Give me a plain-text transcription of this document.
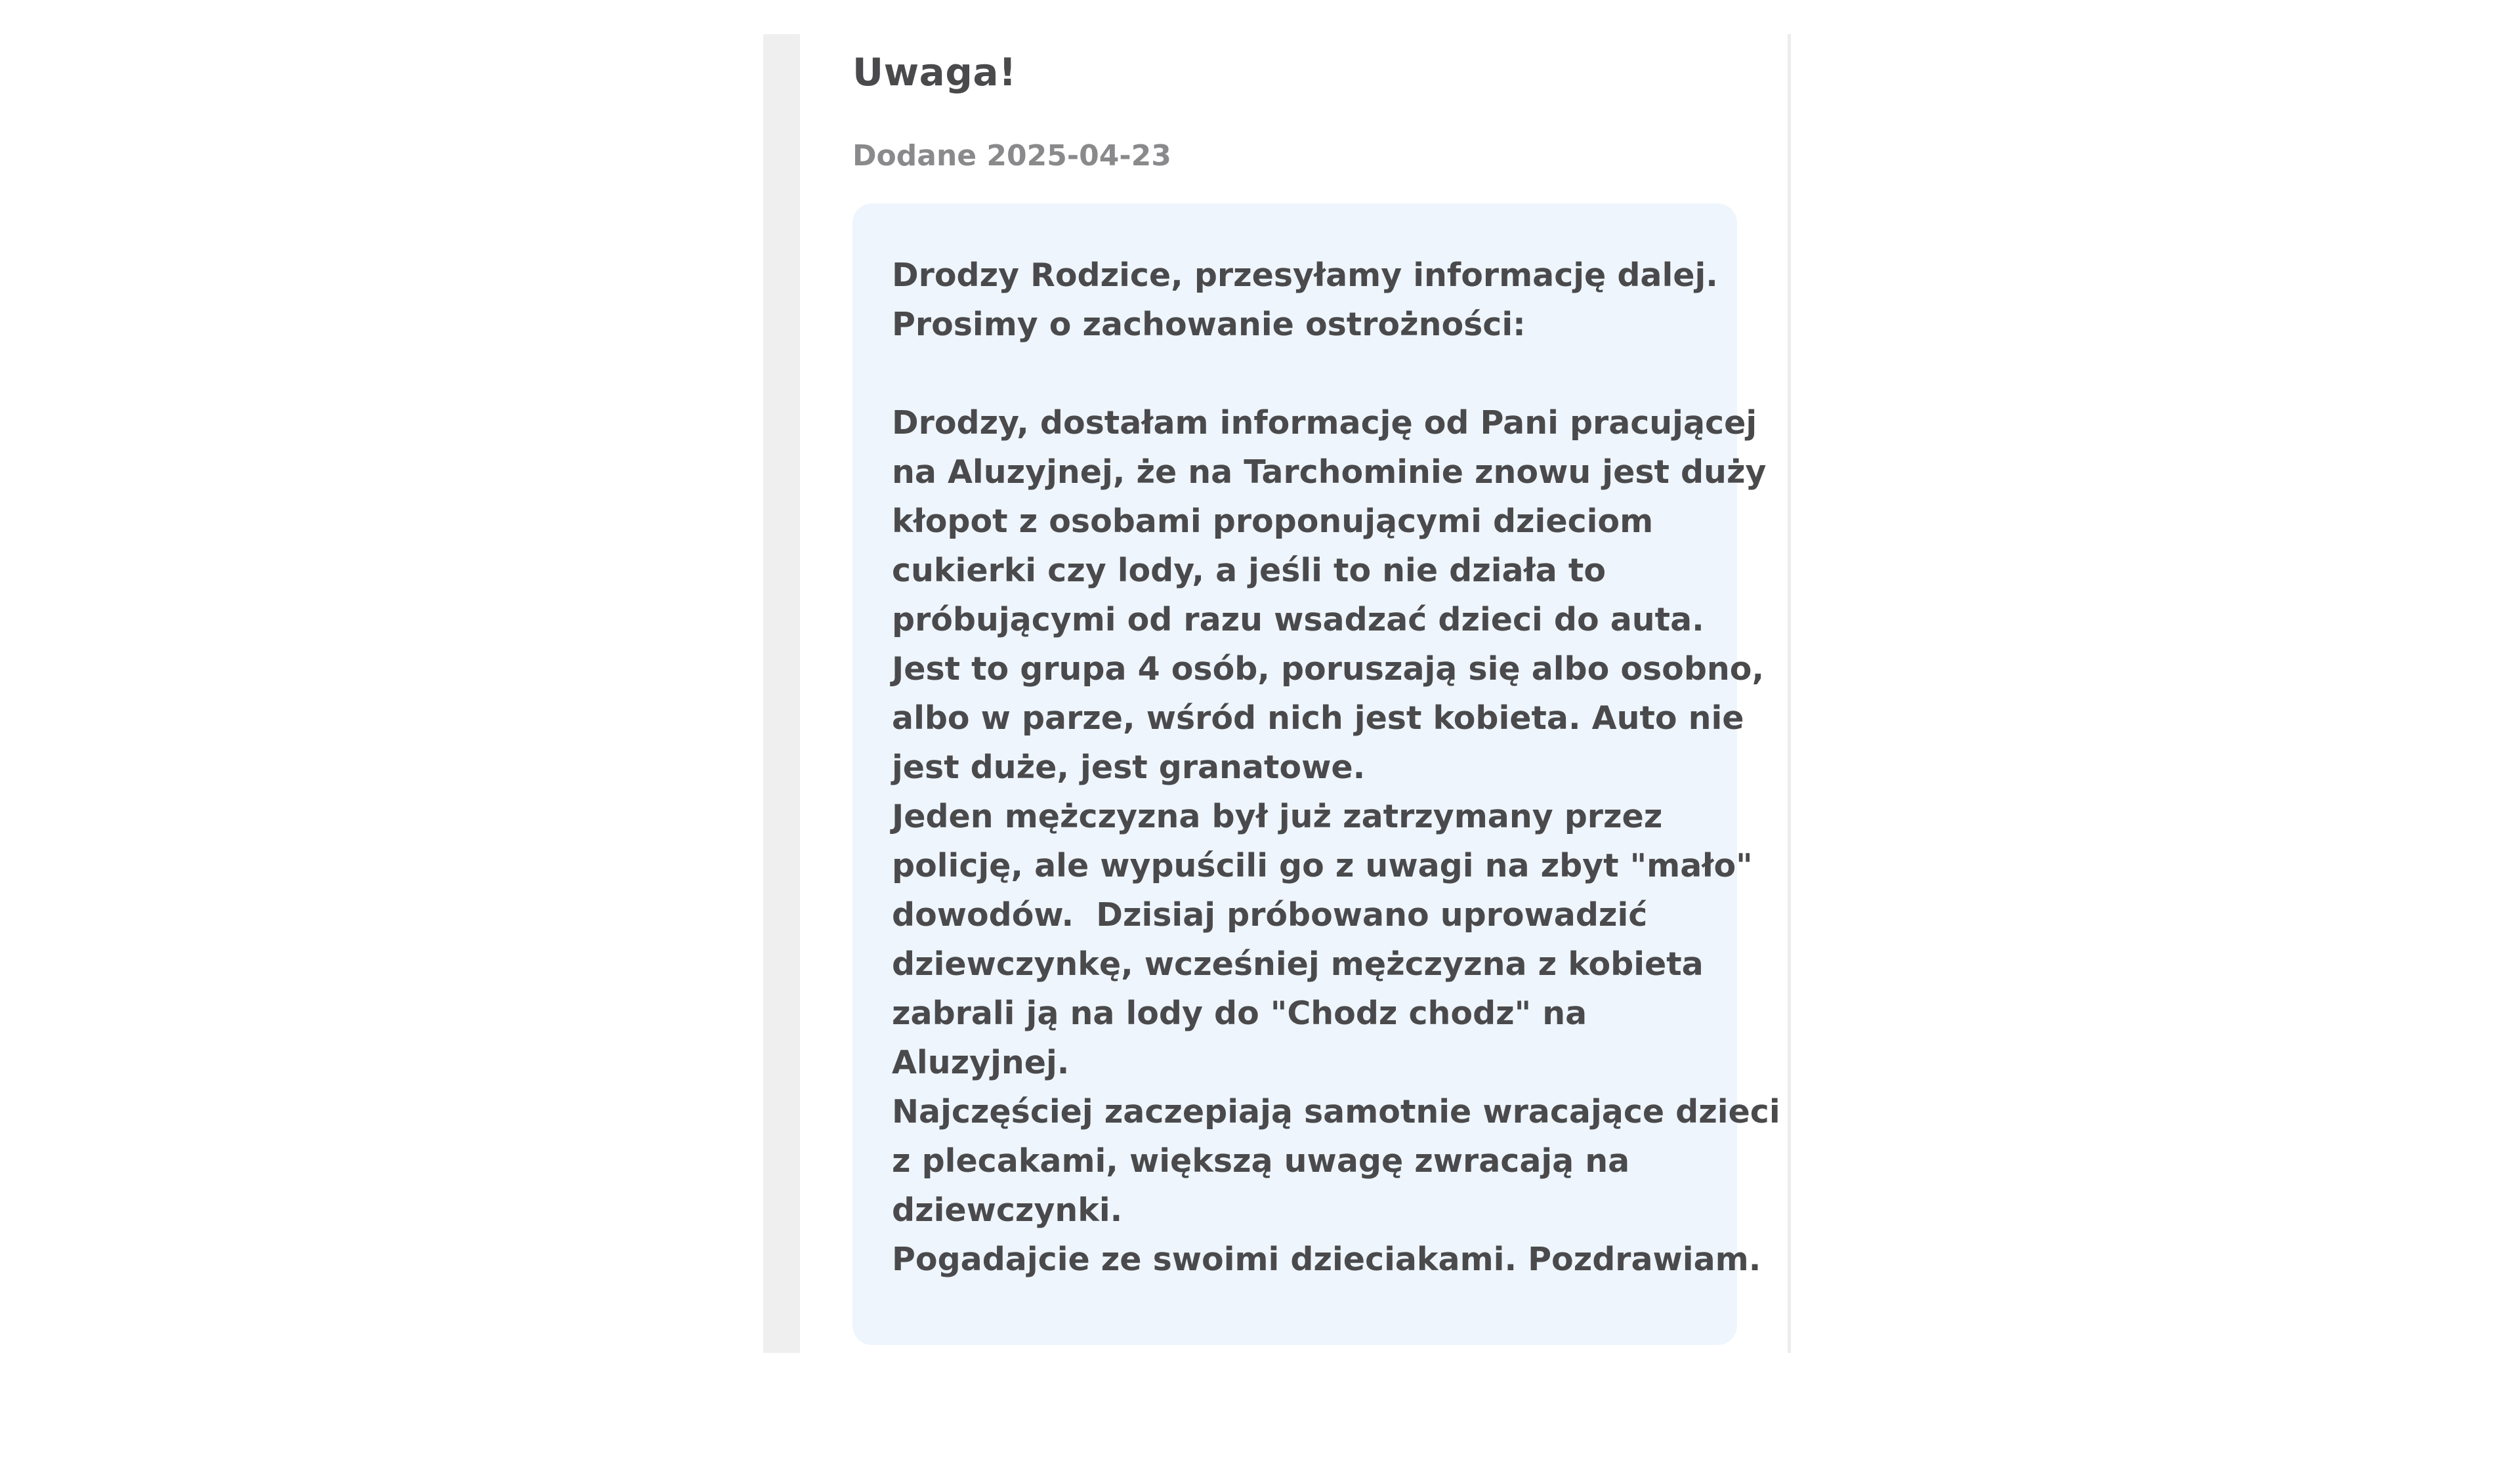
Uwaga!
Dodane 2025-04-23
Drodzy Rodzice, przesyłamy informację dalej.
Prosimy o zachowanie ostrożności:
Drodzy, dostałam informację od Pani pracującej
na Aluzyjnej, że na Tarchominie znowu jest duży
kłopot z osobami proponującymi dzieciom
cukierki czy lody, a jeśli to nie działa to
próbującymi od razu wsadzać dzieci do auta.
Jest to grupa 4 osób, poruszają się albo osobno,
albo w parze, wśród nich jest kobieta. Auto nie
jest duże, jest granatowe.
Jeden mężczyzna był już zatrzymany przez
policję, ale wypuścili go z uwagi na zbyt "mało"
dowodów.  Dzisiaj próbowano uprowadzić
dziewczynkę, wcześniej mężczyzna z kobieta
zabrali ją na lody do "Chodz chodz" na
Aluzyjnej.
Najczęściej zaczepiają samotnie wracające dzieci
z plecakami, większą uwagę zwracają na
dziewczynki.
Pogadajcie ze swoimi dzieciakami. Pozdrawiam.
